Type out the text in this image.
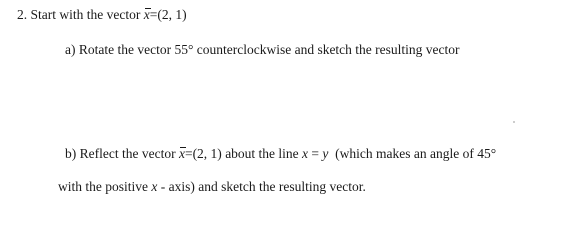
2. Start with the vector x=(2, 1)
a) Rotate the vector 55° counterclockwise and sketch the resulting vector
b) Reflect the vector x=(2, 1) about the line x = y (which makes an angle of 45°
with the positive x - axis) and sketch the resulting vector.
